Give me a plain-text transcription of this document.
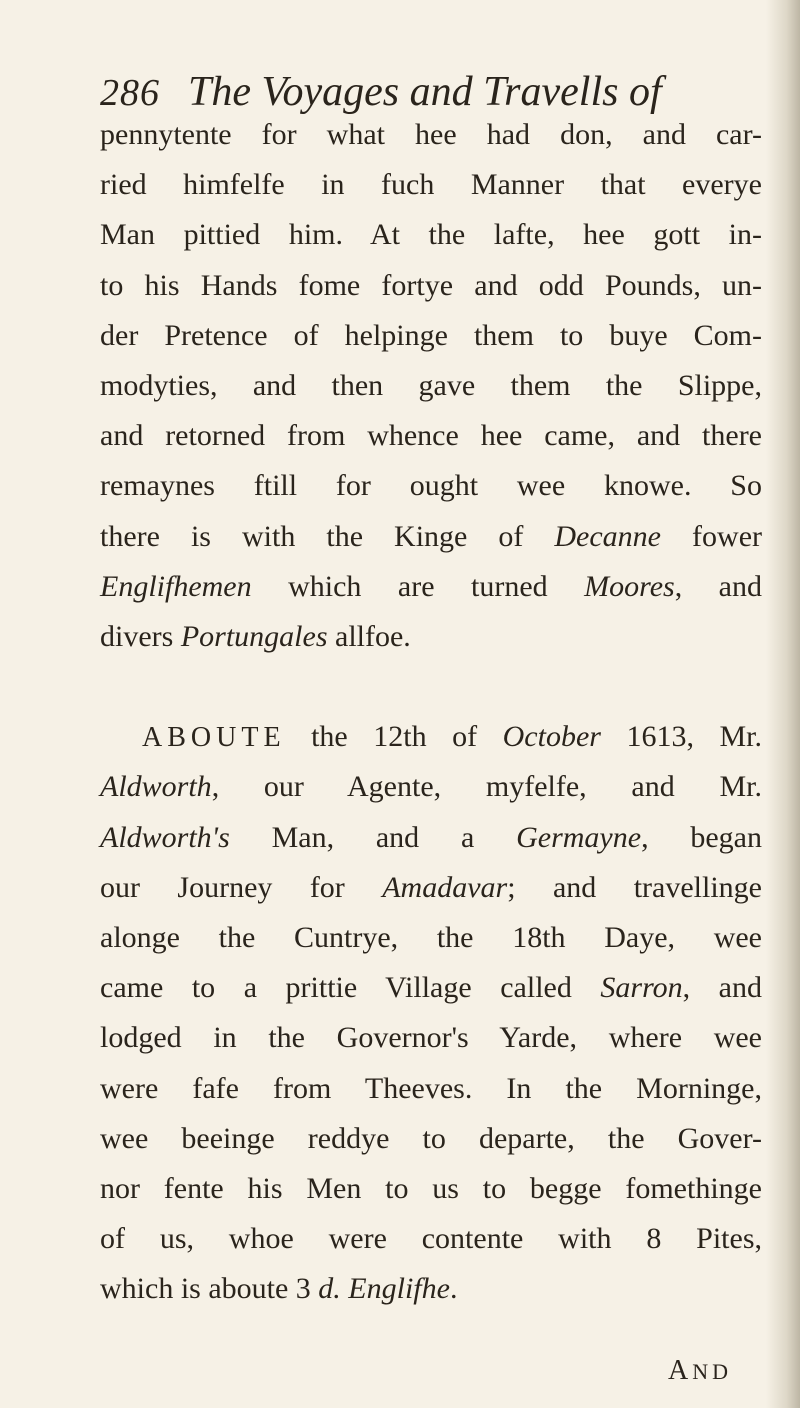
286 The Voyages and Travells of
pennytente for what hee had don, and car-
ried himfelfe in fuch Manner that everye
Man pittied him. At the lafte, hee gott in-
to his Hands fome fortye and odd Pounds, un-
der Pretence of helpinge them to buye Com-
modyties, and then gave them the Slippe,
and retorned from whence hee came, and there
remaynes ftill for ought wee knowe. So
there is with the Kinge of Decanne fower
Englifhemen which are turned Moores, and
divers Portungales allfoe.
ABOUTE the 12th of October 1613, Mr.
Aldworth, our Agente, myfelfe, and Mr.
Aldworth's Man, and a Germayne, began
our Journey for Amadavar; and travellinge
alonge the Cuntrye, the 18th Daye, wee
came to a prittie Village called Sarron, and
lodged in the Governor's Yarde, where wee
were fafe from Theeves. In the Morninge,
wee beeinge reddye to departe, the Gover-
nor fente his Men to us to begge fomethinge
of us, whoe were contente with 8 Pites,
which is aboute 3 d. Englifhe.
AND
